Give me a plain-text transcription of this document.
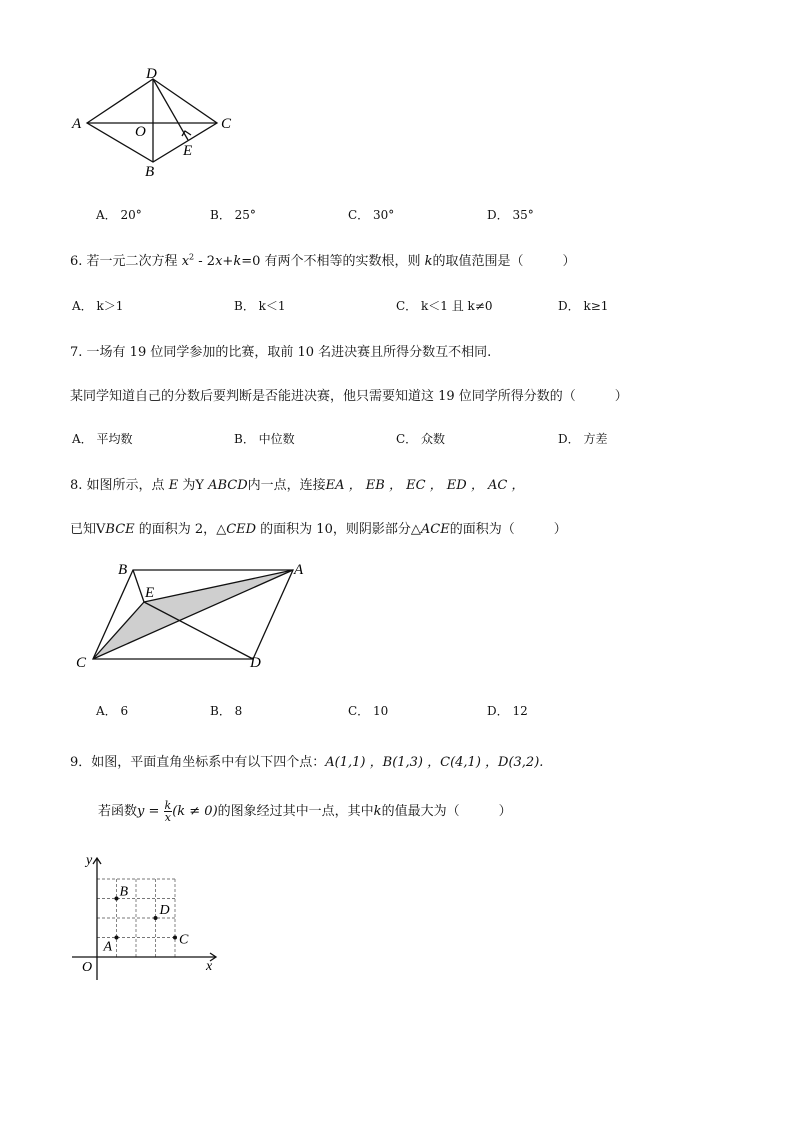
D
A	O	C
E
B
A． 20°	B． 25°	C． 30°	D． 35°
6. 若一元二次方程 $x^2 - 2x+k=0$ 有两个不相等的实数根，则 k的取值范围是（　　　）
A． k＞1	B． k＜1	C． k＜1 且 k≠0	D． k≥1
7. 一场有 19 位同学参加的比赛，取前 10 名进决赛且所得分数互不相同.
某同学知道自己的分数后要判断是否能进决赛，他只需要知道这 19 位同学所得分数的（　　　）
A． 平均数	B． 中位数	C． 众数	D． 方差
8. 如图所示，点 E 为Y ABCD内一点，连接EA ， EB ， EC ， ED ， AC ，
已知VBCE 的面积为 2，△CED 的面积为 10，则阴影部分△ACE的面积为（　　　）
B	A
E
C	D
A． 6	B． 8	C． 10	D． 12
9．如图，平面直角坐标系中有以下四个点：A(1,1) ，B(1,3) ，C(4,1) ，D(3,2).
若函数$y = \frac{k}{x} (k \ne 0)$的图象经过其中一点，其中k的值最大为（　　　）
y
x
O
A
B
C
D
